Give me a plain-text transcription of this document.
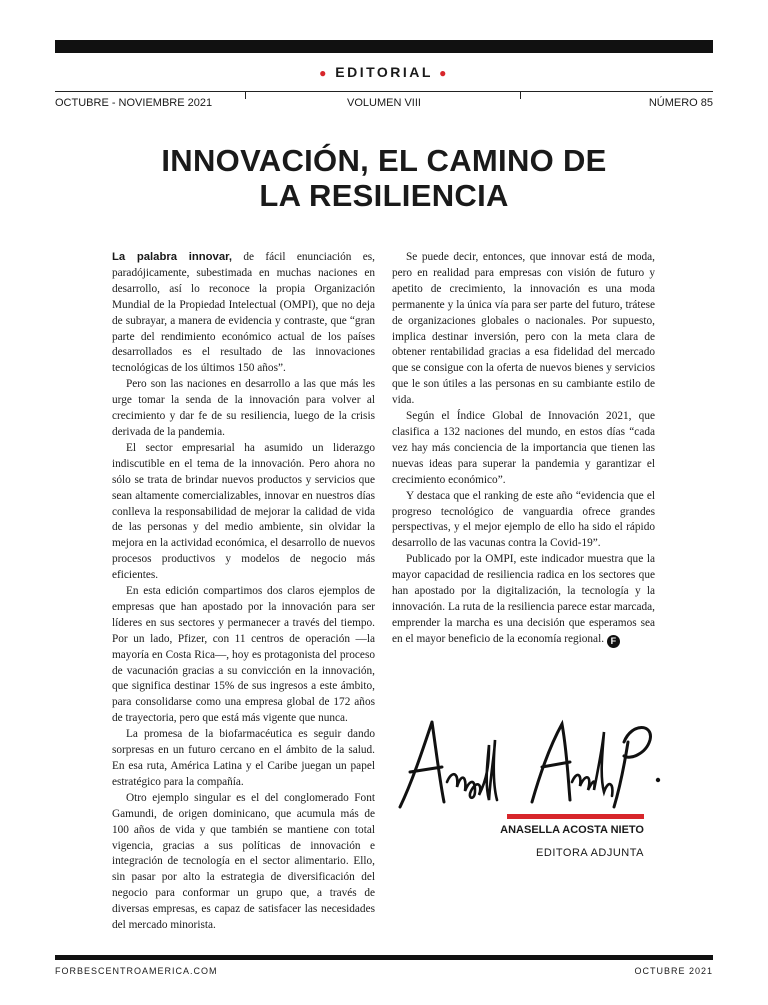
● EDITORIAL ●
OCTUBRE - NOVIEMBRE 2021	VOLUMEN VIII	NÚMERO 85
INNOVACIÓN, EL CAMINO DE
LA RESILIENCIA

La palabra innovar, de fácil enunciación es, paradójicamente, subestimada en muchas naciones en desarrollo, así lo reconoce la propia Organización Mundial de la Propiedad Intelectual (OMPI), que no deja de subrayar, a manera de evidencia y contraste, que “gran parte del rendimiento económico actual de los países desarrollados es el resultado de las innovaciones tecnológicas de los últimos 150 años”.

Pero son las naciones en desarrollo a las que más les urge tomar la senda de la innovación para volver al crecimiento y dar fe de su resiliencia, luego de la crisis derivada de la pandemia.

El sector empresarial ha asumido un liderazgo indiscutible en el tema de la innovación. Pero ahora no sólo se trata de brindar nuevos productos y servicios que sean altamente comercializables, innovar en nuestros días conlleva la responsabilidad de mejorar la calidad de vida de las personas y del medio ambiente, sin olvidar la mejora en la actividad económica, el desarrollo de nuevos procesos productivos y modelos de negocio más eficientes.

En esta edición compartimos dos claros ejemplos de empresas que han apostado por la innovación para ser líderes en sus sectores y permanecer a través del tiempo. Por un lado, Pfizer, con 11 centros de operación —la mayoría en Costa Rica—, hoy es protagonista del proceso de vacunación gracias a su convicción en la innovación, que significa destinar 15% de sus ingresos a este ámbito, para consolidarse como una empresa global de 172 años de trayectoria, pero que está más vigente que nunca.

La promesa de la biofarmacéutica es seguir dando sorpresas en un futuro cercano en el ámbito de la salud. En esa ruta, América Latina y el Caribe juegan un papel estratégico para la compañía.

Otro ejemplo singular es el del conglomerado Font Gamundi, de origen dominicano, que acumula más de 100 años de vida y que también se mantiene con total vigencia, gracias a sus políticas de innovación e integración de tecnología en el sector alimentario. Ello, sin pasar por alto la estrategia de diversificación del negocio para conformar un grupo que, a través de diversas empresas, es capaz de satisfacer las necesidades del mercado minorista.

Se puede decir, entonces, que innovar está de moda, pero en realidad para empresas con visión de futuro y apetito de crecimiento, la innovación es una moda permanente y la única vía para ser parte del futuro, trátese de organizaciones globales o nacionales. Por supuesto, implica destinar inversión, pero con la meta clara de obtener rentabilidad gracias a esa fidelidad del mercado que se consigue con la oferta de nuevos bienes y servicios que le son útiles a las personas en su cambiante estilo de vida.

Según el Índice Global de Innovación 2021, que clasifica a 132 naciones del mundo, en estos días “cada vez hay más conciencia de la importancia que tienen las nuevas ideas para superar la pandemia y garantizar el crecimiento económico”.

Y destaca que el ranking de este año “evidencia que el progreso tecnológico de vanguardia ofrece grandes perspectivas, y el mejor ejemplo de ello ha sido el rápido desarrollo de las vacunas contra la Covid-19”.

Publicado por la OMPI, este indicador muestra que la mayor capacidad de resiliencia radica en los sectores que han apostado por la digitalización, la tecnología y la innovación. La ruta de la resiliencia parece estar marcada, emprender la marcha es una decisión que esperamos sea en el mayor beneficio de la economía regional. F

ANASELLA ACOSTA NIETO
EDITORA ADJUNTA
FORBESCENTROAMERICA.COM	OCTUBRE 2021
